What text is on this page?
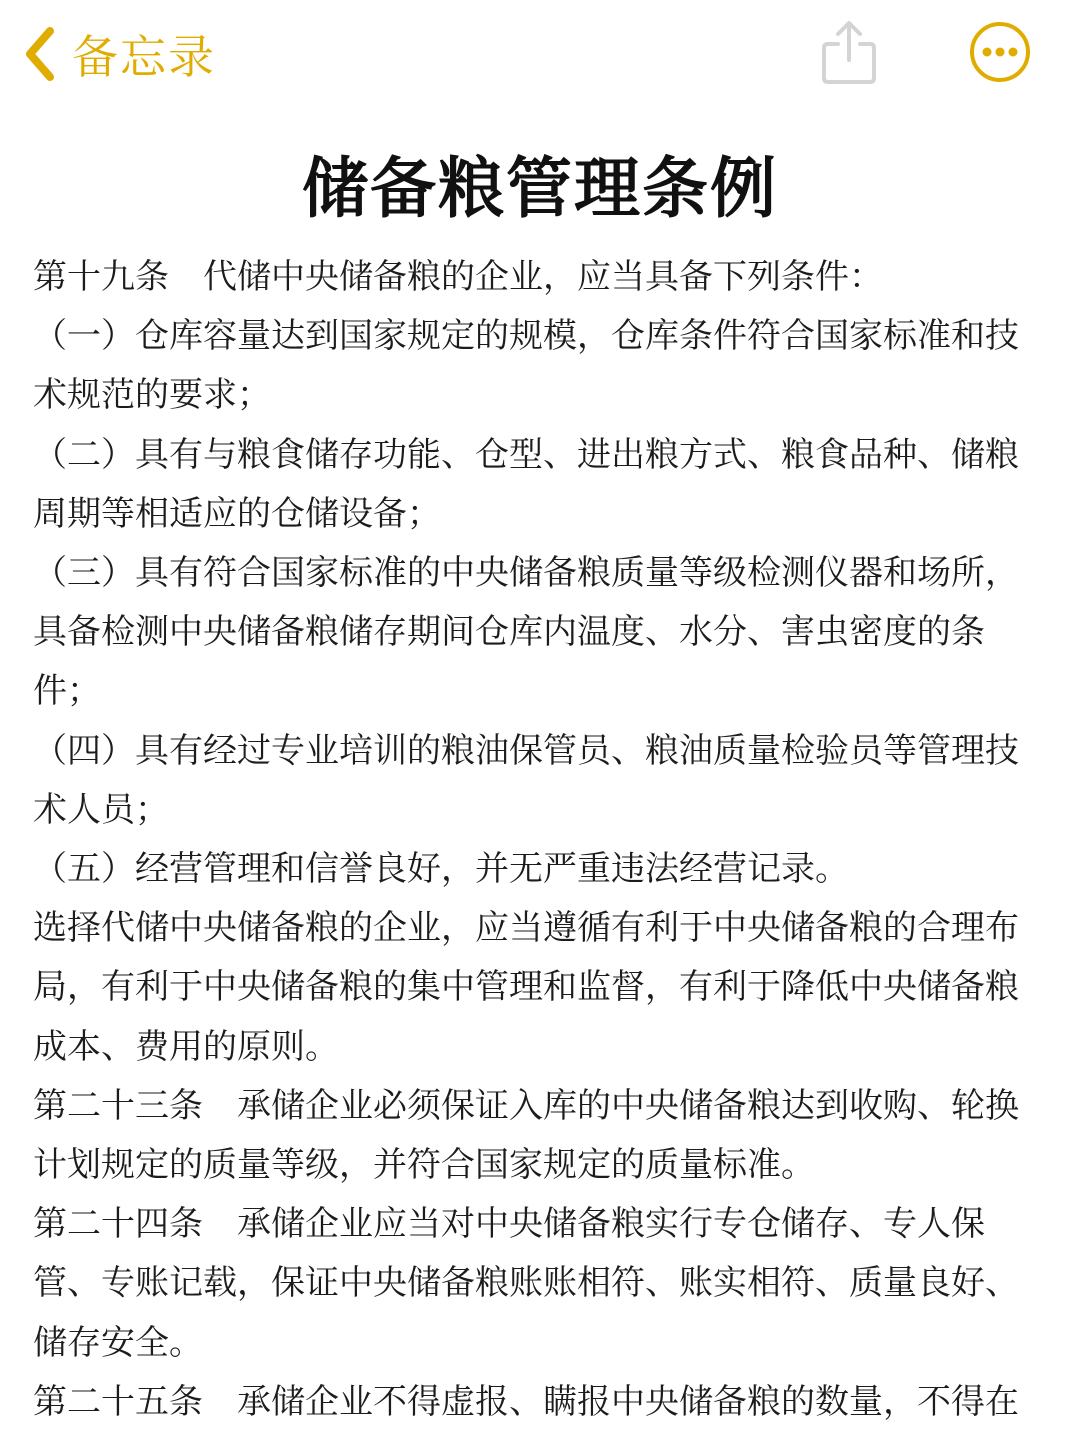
备忘录
储备粮管理条例

第十九条　代储中央储备粮的企业，应当具备下列条件：

（一）仓库容量达到国家规定的规模，仓库条件符合国家标准和技术规范的要求；

（二）具有与粮食储存功能、仓型、进出粮方式、粮食品种、储粮周期等相适应的仓储设备；

（三）具有符合国家标准的中央储备粮质量等级检测仪器和场所，具备检测中央储备粮储存期间仓库内温度、水分、害虫密度的条件；

（四）具有经过专业培训的粮油保管员、粮油质量检验员等管理技术人员；

（五）经营管理和信誉良好，并无严重违法经营记录。

选择代储中央储备粮的企业，应当遵循有利于中央储备粮的合理布局，有利于中央储备粮的集中管理和监督，有利于降低中央储备粮成本、费用的原则。

第二十三条　承储企业必须保证入库的中央储备粮达到收购、轮换计划规定的质量等级，并符合国家规定的质量标准。

第二十四条　承储企业应当对中央储备粮实行专仓储存、专人保管、专账记载，保证中央储备粮账账相符、账实相符、质量良好、储存安全。

第二十五条　承储企业不得虚报、瞒报中央储备粮的数量，不得在
